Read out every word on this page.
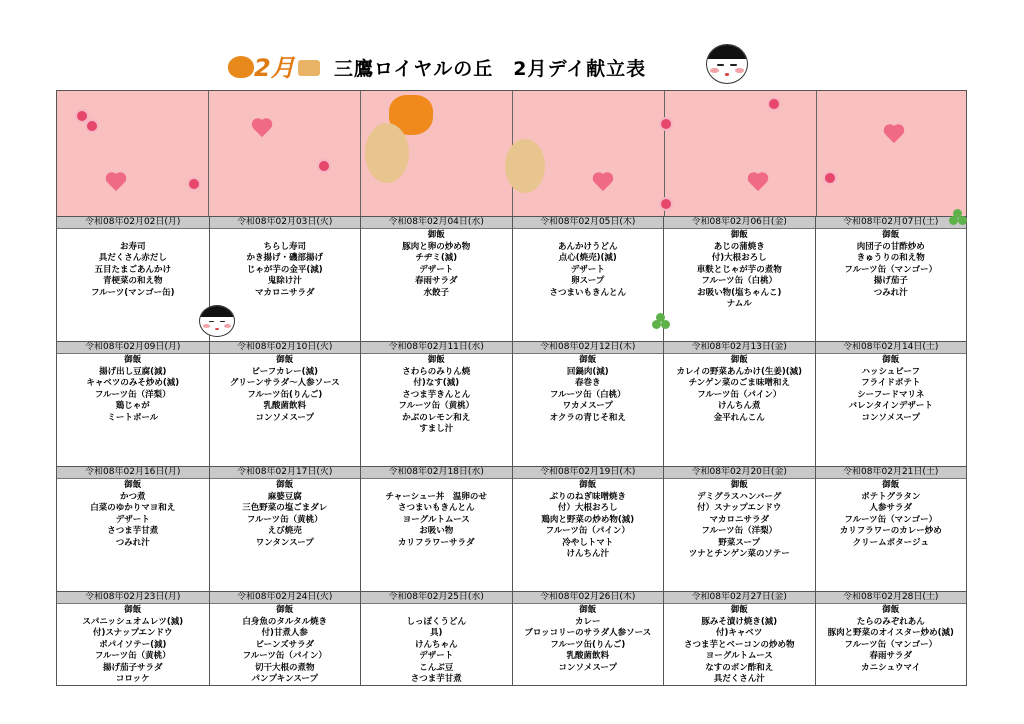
2月 三鷹ロイヤルの丘　2月デイ献立表
令和08年02月02日(月)
お寿司
具だくさん赤だし
五目たまごあんかけ
青梗菜の和え物
フルーツ(マンゴー缶)
令和08年02月03日(火)
ちらし寿司
かき揚げ・磯部揚げ
じゃが芋の金平(減)
鬼除け汁
マカロニサラダ
令和08年02月04日(水)
御飯
豚肉と卵の炒め物
チヂミ(減)
デザート
春雨サラダ
水餃子
令和08年02月05日(木)
あんかけうどん
点心(焼売)(減)
デザート
卵スープ
さつまいもきんとん
令和08年02月06日(金)
御飯
あじの蒲焼き
付)大根おろし
車麩とじゃが芋の煮物
フルーツ缶（白桃）
お吸い物(塩ちゃんこ)
ナムル
令和08年02月07日(土)
御飯
肉団子の甘酢炒め
きゅうりの和え物
フルーツ缶（マンゴー）
揚げ茄子
つみれ汁
令和08年02月09日(月)
御飯
揚げ出し豆腐(減)
キャベツのみそ炒め(減)
フルーツ缶（洋梨）
鶏じゃが
ミートボール
令和08年02月10日(火)
御飯
ビーフカレー(減)
グリーンサラダ～人参ソース
フルーツ缶(りんご)
乳酸菌飲料
コンソメスープ
令和08年02月11日(水)
御飯
さわらのみりん焼
付)なす(減)
さつま芋きんとん
フルーツ缶（黄桃）
かぶのレモン和え
すまし汁
令和08年02月12日(木)
御飯
回鍋肉(減)
春巻き
フルーツ缶（白桃）
ワカメスープ
オクラの青じそ和え
令和08年02月13日(金)
御飯
カレイの野菜あんかけ(生姜)(減)
チンゲン菜のごま味噌和え
フルーツ缶（パイン）
けんちん煮
金平れんこん
令和08年02月14日(土)
御飯
ハッシュビーフ
フライドポテト
シーフードマリネ
バレンタインデザート
コンソメスープ
令和08年02月16日(月)
御飯
かつ煮
白菜のゆかりマヨ和え
デザート
さつま芋甘煮
つみれ汁
令和08年02月17日(火)
御飯
麻婆豆腐
三色野菜の塩ごまダレ
フルーツ缶（黄桃）
えび焼売
ワンタンスープ
令和08年02月18日(水)
チャーシュー丼　温卵のせ
さつまいもきんとん
ヨーグルトムース
お吸い物
カリフラワーサラダ
令和08年02月19日(木)
御飯
ぶりのねぎ味噌焼き
付）大根おろし
鶏肉と野菜の炒め物(減)
フルーツ缶（パイン）
冷やしトマト
けんちん汁
令和08年02月20日(金)
御飯
デミグラスハンバーグ
付）スナップエンドウ
マカロニサラダ
フルーツ缶（洋梨）
野菜スープ
ツナとチンゲン菜のソテー
令和08年02月21日(土)
御飯
ポテトグラタン
人参サラダ
フルーツ缶（マンゴー）
カリフラワーのカレー炒め
クリームポタージュ
令和08年02月23日(月)
御飯
スパニッシュオムレツ(減)
付)スナップエンドウ
ポパイソテー(減)
フルーツ缶（黄桃）
揚げ茄子サラダ
コロッケ
令和08年02月24日(火)
御飯
白身魚のタルタル焼き
付)甘煮人参
ビーンズサラダ
フルーツ缶（パイン）
切干大根の煮物
パンプキンスープ
令和08年02月25日(水)
しっぽくうどん
具)
けんちゃん
デザート
こんぶ豆
さつま芋甘煮
令和08年02月26日(木)
御飯
カレー
ブロッコリーのサラダ人参ソース
フルーツ缶(りんご)
乳酸菌飲料
コンソメスープ
令和08年02月27日(金)
御飯
豚みそ漬け焼き(減)
付)キャベツ
さつま芋とベーコンの炒め物
ヨーグルトムース
なすのポン酢和え
具だくさん汁
令和08年02月28日(土)
御飯
たらのみぞれあん
豚肉と野菜のオイスター炒め(減)
フルーツ缶（マンゴー）
春雨サラダ
カニシュウマイ
